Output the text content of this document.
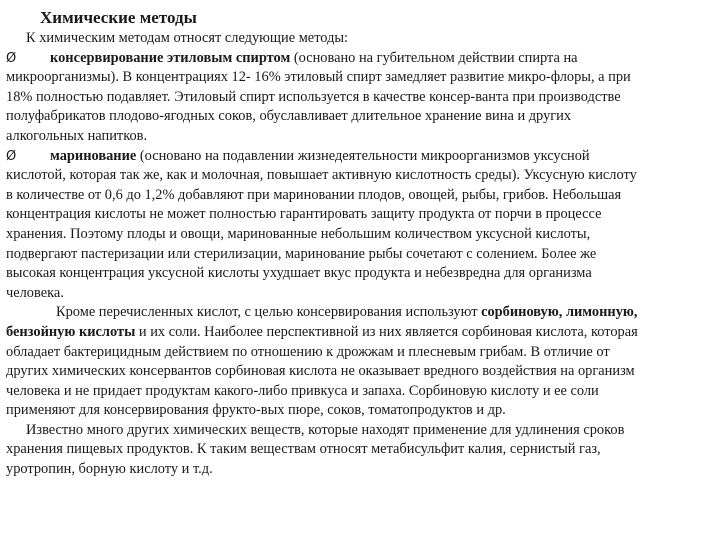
Химические методы

К химическим методам относят следующие методы:

Ø	консервирование этиловым спиртом (основано на губительном действии спирта на
микроорганизмы). В концентрациях 12- 16% этиловый спирт замедляет развитие микро-флоры, а при
18% полностью подавляет. Этиловый спирт используется в качестве консер-ванта при производстве
полуфабрикатов плодово-ягодных соков, обуславливает длительное хранение вина и других
алкогольных напитков.
Ø	маринование (основано на подавлении жизнедеятельности микроорганизмов уксусной
кислотой, которая так же, как и молочная, повышает активную кислотность среды). Уксусную кислоту
в количестве от 0,6 до 1,2% добавляют при мариновании плодов, овощей, рыбы, грибов. Небольшая
концентрация кислоты не может полностью гарантировать защиту продукта от порчи в процессе
хранения. Поэтому плоды и овощи, маринованные небольшим количеством уксусной кислоты,
подвергают пастеризации или стерилизации, маринование рыбы сочетают с солением. Более же
высокая концентрация уксусной кислоты ухудшает вкус продукта и небезвредна для организма
человека.
Кроме перечисленных кислот, с целью консервирования используют сорбиновую, лимонную,
бензойную кислоты и их соли. Наиболее перспективной из них является сорбиновая кислота, которая
обладает бактерицидным действием по отношению к дрожжам и плесневым грибам. В отличие от
других химических консервантов сорбиновая кислота не оказывает вредного воздействия на организм
человека и не придает продуктам какого-либо привкуса и запаха. Сорбиновую кислоту и ее соли
применяют для консервирования фрукто-вых пюре, соков, томатопродуктов и др.
Известно много других химических веществ, которые находят применение для удлинения сроков
хранения пищевых продуктов. К таким веществам относят метабисульфит калия, сернистый газ,
уротропин, борную кислоту и т.д.
